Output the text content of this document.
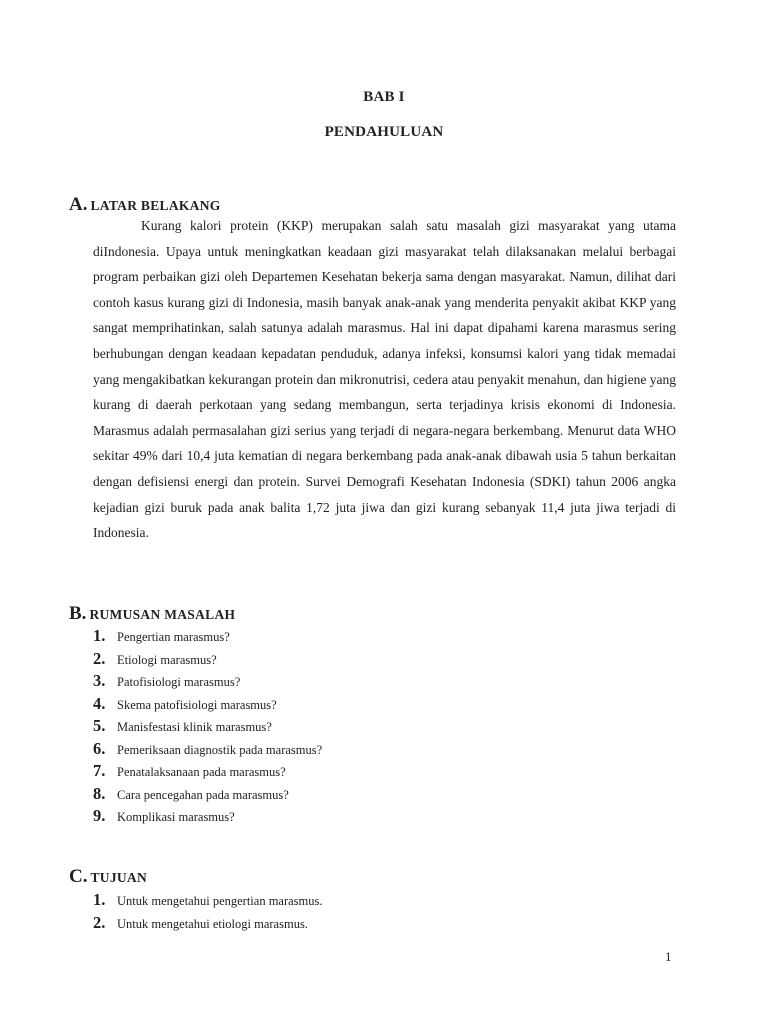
BAB I
PENDAHULUAN
A. LATAR BELAKANG

Kurang kalori protein (KKP) merupakan salah satu masalah gizi masyarakat yang utama diIndonesia. Upaya untuk meningkatkan keadaan gizi masyarakat telah dilaksanakan melalui berbagai program perbaikan gizi oleh Departemen Kesehatan bekerja sama dengan masyarakat. Namun, dilihat dari contoh kasus kurang gizi di Indonesia, masih banyak anak-anak yang menderita penyakit akibat KKP yang sangat memprihatinkan, salah satunya adalah marasmus. Hal ini dapat dipahami karena marasmus sering berhubungan dengan keadaan kepadatan penduduk, adanya infeksi, konsumsi kalori yang tidak memadai yang mengakibatkan kekurangan protein dan mikronutrisi, cedera atau penyakit menahun, dan higiene yang kurang di daerah perkotaan yang sedang membangun, serta terjadinya krisis ekonomi di Indonesia. Marasmus adalah permasalahan gizi serius yang terjadi di negara-negara berkembang. Menurut data WHO sekitar 49% dari 10,4 juta kematian di negara berkembang pada anak-anak dibawah usia 5 tahun berkaitan dengan defisiensi energi dan protein. Survei Demografi Kesehatan Indonesia (SDKI) tahun 2006 angka kejadian gizi buruk pada anak balita 1,72 juta jiwa dan gizi kurang sebanyak 11,4 juta jiwa terjadi di Indonesia.

B. RUMUSAN MASALAH
1. Pengertian marasmus?
2. Etiologi marasmus?
3. Patofisiologi marasmus?
4. Skema patofisiologi marasmus?
5. Manisfestasi klinik marasmus?
6. Pemeriksaan diagnostik pada marasmus?
7. Penatalaksanaan pada marasmus?
8. Cara pencegahan pada marasmus?
9. Komplikasi marasmus?
C. TUJUAN
1. Untuk mengetahui pengertian marasmus.
2. Untuk mengetahui etiologi marasmus.
1
